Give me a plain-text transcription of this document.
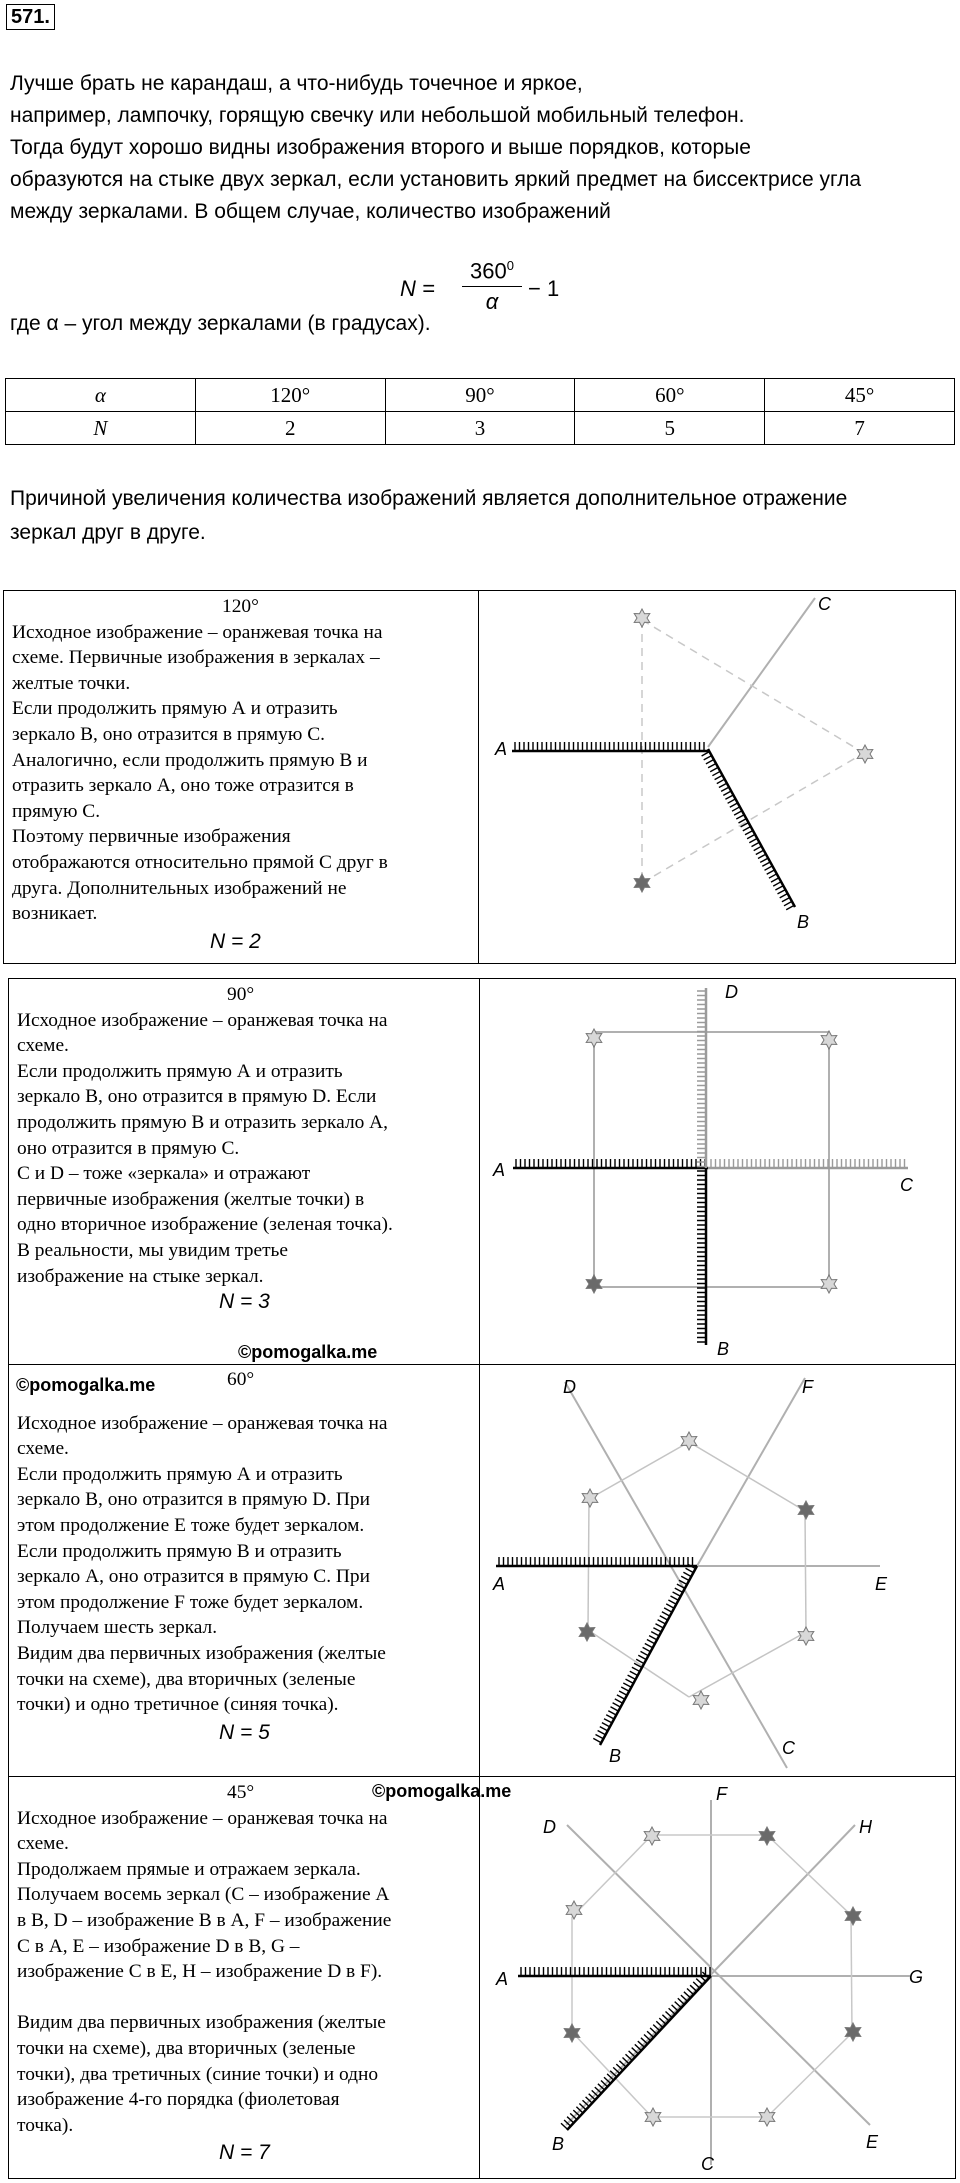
571.

Лучше брать не карандаш, а что-нибудь точечное и яркое,

например, лампочку, горящую свечку или небольшой мобильный телефон.

Тогда будут хорошо видны изображения второго и выше порядков, которые

образуются на стыке двух зеркал, если установить яркий предмет на биссектрисе угла

между зеркалами. В общем случае, количество изображений

$N = \frac{360^0}{\alpha} - 1$
где α – угол между зеркалами (в градусах).
α	120°	90°	60°	45°
N	2	3	5	7
Причиной увеличения количества изображений является дополнительное отражение
зеркал друг в друге.
120°
Исходное изображение – оранжевая точка на
схеме. Первичные изображения в зеркалах –
желтые точки.
Если продолжить прямую А и отразить
зеркало В, оно отразится в прямую С.
Аналогично, если продолжить прямую В и
отразить зеркало А, оно тоже отразится в
прямую С.
Поэтому первичные изображения
отображаются относительно прямой С друг в
друга. Дополнительных изображений не
возникает.
N = 2
90°
Исходное изображение – оранжевая точка на
схеме.
Если продолжить прямую А и отразить
зеркало В, оно отразится в прямую D. Если
продолжить прямую В и отразить зеркало А,
оно отразится в прямую С.
С и D – тоже «зеркала» и отражают
первичные изображения (желтые точки) в
одно вторичное изображение (зеленая точка).
В реальности, мы увидим третье
изображение на стыке зеркал.
N = 3
60°
Исходное изображение – оранжевая точка на
схеме.
Если продолжить прямую А и отразить
зеркало В, оно отразится в прямую D. При
этом продолжение Е тоже будет зеркалом.
Если продолжить прямую В и отразить
зеркало А, оно отразится в прямую С. При
этом продолжение F тоже будет зеркалом.
Получаем шесть зеркал.
Видим два первичных изображения (желтые
точки на схеме), два вторичных (зеленые
точки) и одно третичное (синяя точка).
N = 5
45°
Исходное изображение – оранжевая точка на
схеме.
Продолжаем прямые и отражаем зеркала.
Получаем восемь зеркал (С – изображение А
в В, D – изображение В в А, F – изображение
С в А, Е – изображение D в В, G –
изображение С в Е, Н – изображение D в F).
Видим два первичных изображения (желтые
точки на схеме), два вторичных (зеленые
точки), два третичных (синие точки) и одно
изображение 4-го порядка (фиолетовая
точка).
N = 7
©pomogalka.me
©pomogalka.me
©pomogalka.me
A
B
C
A
B
C
D
A
B	C
D
E
F
A
B
C
D
E
F
G
H
